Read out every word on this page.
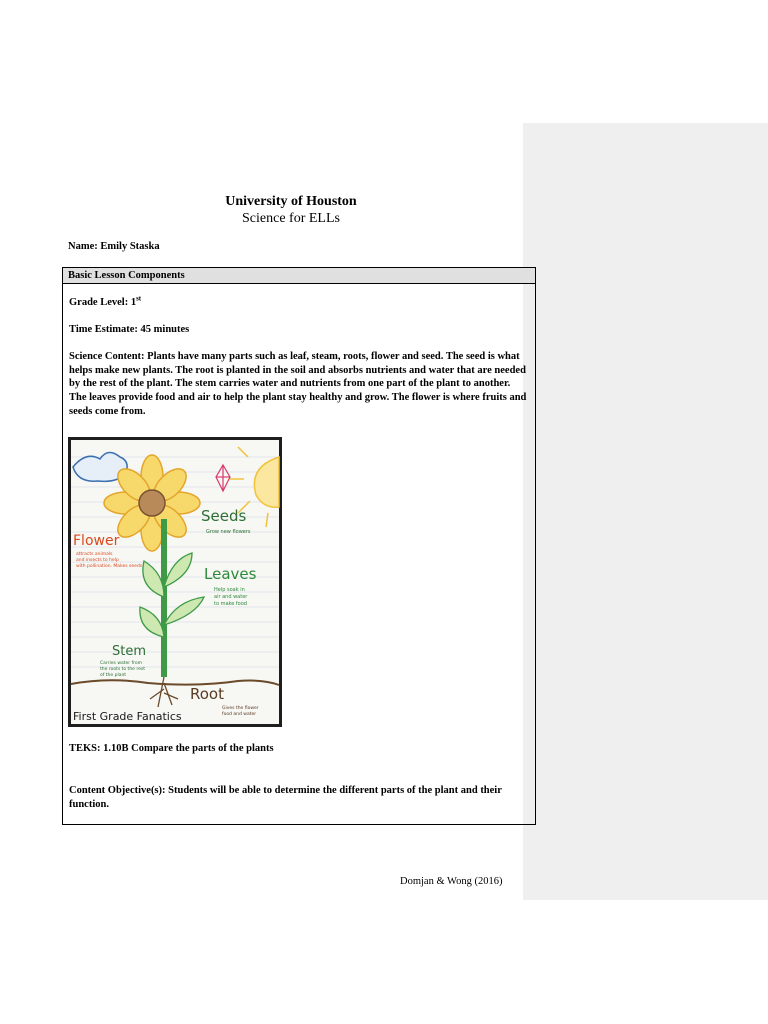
University of Houston
Science for ELLs
Name: Emily Staska
Basic Lesson Components
Grade Level: 1st
Time Estimate: 45 minutes
Science Content: Plants have many parts such as leaf, steam, roots, flower and seed. The seed is what helps make new plants. The root is planted in the soil and absorbs nutrients and water that are needed by the rest of the plant. The stem carries water and nutrients from one part of the plant to another. The leaves provide food and air to help the plant stay healthy and grow. The flower is where fruits and seeds come from.
TEKS: 1.10B Compare the parts of the plants
Content Objective(s): Students will be able to determine the different parts of the plant and their function.
Seeds
Grow new flowers
Flower
attracts animals
and insects to help
with pollination. Makes seeds	Leaves
Help soak in
air and water
to make food
Stem
Carries water from
the roots to the rest
of the plant
Root
Gives the flower
food and water
First Grade Fanatics
Domjan & Wong (2016)
